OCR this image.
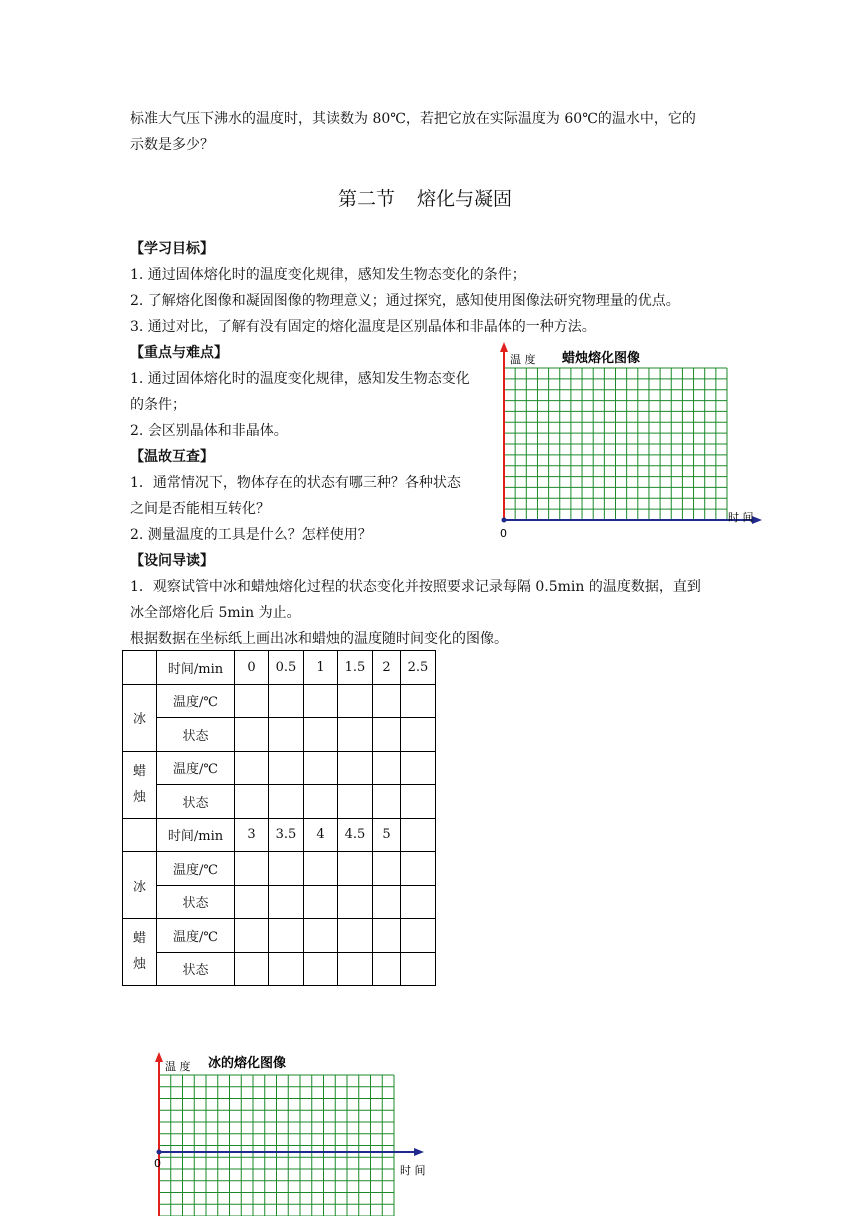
标准大气压下沸水的温度时，其读数为 80℃，若把它放在实际温度为 60℃的温水中，它的
示数是多少？
第二节 熔化与凝固
【学习目标】
1. 通过固体熔化时的温度变化规律，感知发生物态变化的条件；
2. 了解熔化图像和凝固图像的物理意义；通过探究，感知使用图像法研究物理量的优点。
3. 通过对比，了解有没有固定的熔化温度是区别晶体和非晶体的一种方法。
【重点与难点】
1. 通过固体熔化时的温度变化规律，感知发生物态变化
的条件；
2. 会区别晶体和非晶体。
【温故互查】
1．通常情况下，物体存在的状态有哪三种？各种状态
之间是否能相互转化？
2. 测量温度的工具是什么？怎样使用？
【设问导读】
1．观察试管中冰和蜡烛熔化过程的状态变化并按照要求记录每隔 0.5min 的温度数据，直到
冰全部熔化后 5min 为止。
根据数据在坐标纸上画出冰和蜡烛的温度随时间变化的图像。
温 度 蜡烛熔化图像
时 间
0
	时间/min	0	0.5	1	1.5	2	2.5
冰	温度/℃						
	状态						
蜡
烛	温度/℃						
	状态						
	时间/min	3	3.5	4	4.5	5	
冰	温度/℃						
	状态						
蜡
烛	温度/℃						
	状态						
温 度 冰的熔化图像
时 间
0
